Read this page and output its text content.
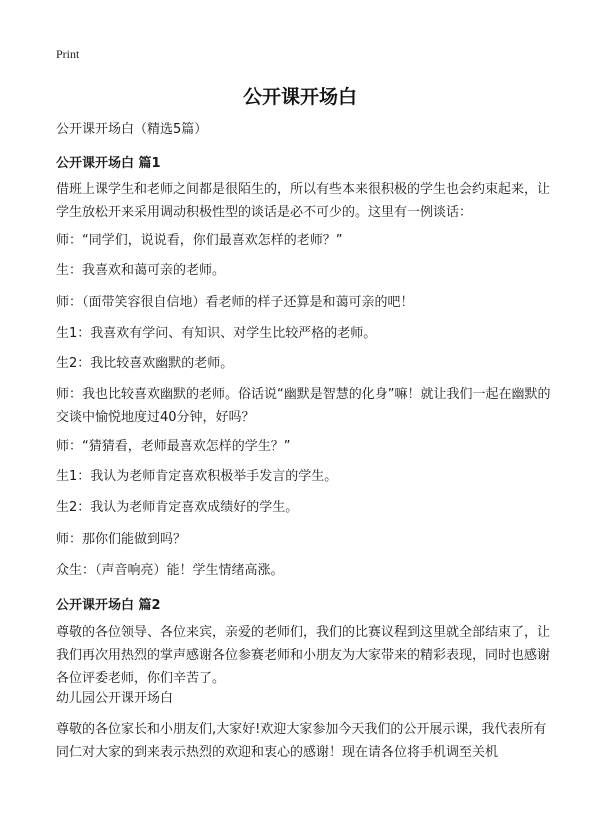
Print
公开课开场白

公开课开场白（精选5篇）

公开课开场白 篇1

借班上课学生和老师之间都是很陌生的，所以有些本来很积极的学生也会约束起来，让学生放松开来采用调动积极性型的谈话是必不可少的。这里有一例谈话：

师：“同学们，说说看，你们最喜欢怎样的老师？”

生：我喜欢和蔼可亲的老师。

师：（面带笑容很自信地）看老师的样子还算是和蔼可亲的吧！

生1：我喜欢有学问、有知识、对学生比较严格的老师。

生2：我比较喜欢幽默的老师。

师：我也比较喜欢幽默的老师。俗话说“幽默是智慧的化身”嘛！就让我们一起在幽默的交谈中愉悦地度过40分钟，好吗？

师：“猜猜看，老师最喜欢怎样的学生？”

生1：我认为老师肯定喜欢积极举手发言的学生。

生2：我认为老师肯定喜欢成绩好的学生。

师：那你们能做到吗？

众生：（声音响亮）能！学生情绪高涨。

公开课开场白 篇2

尊敬的各位领导、各位来宾，亲爱的老师们，我们的比赛议程到这里就全部结束了，让我们再次用热烈的掌声感谢各位参赛老师和小朋友为大家带来的精彩表现，同时也感谢各位评委老师，你们辛苦了。

幼儿园公开课开场白

尊敬的各位家长和小朋友们,大家好!欢迎大家参加今天我们的公开展示课，我代表所有同仁对大家的到来表示热烈的欢迎和衷心的感谢！现在请各位将手机调至关机
